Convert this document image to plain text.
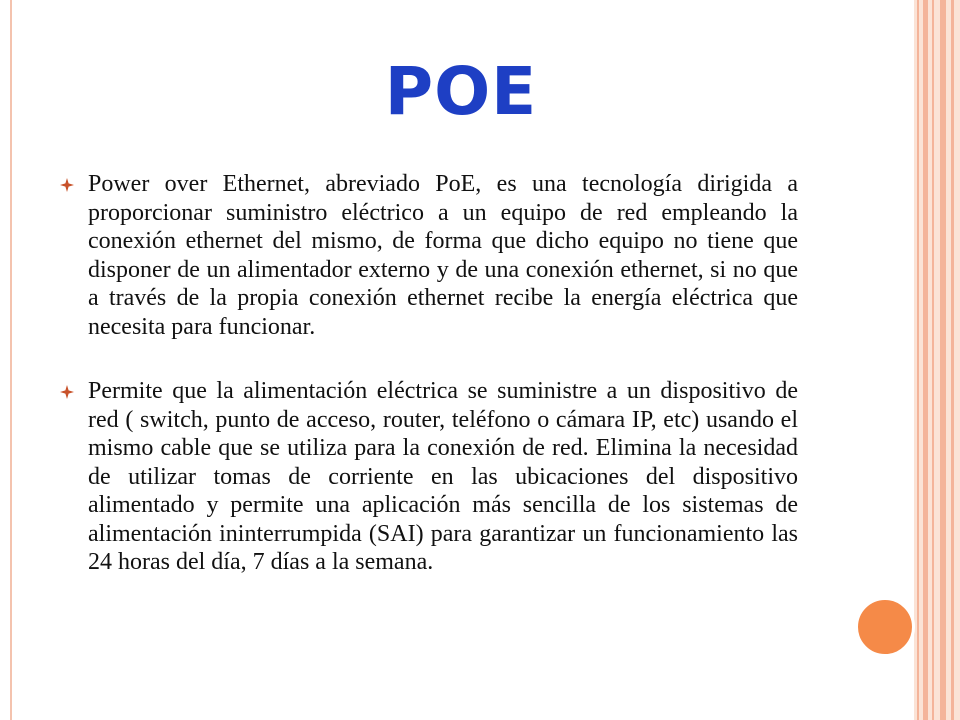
POE
Power over Ethernet, abreviado PoE, es una tecnología dirigida a proporcionar suministro eléctrico a un equipo de red empleando la conexión ethernet del mismo, de forma que dicho equipo no tiene que disponer de un alimentador externo y de una conexión ethernet, si no que a través de la propia conexión ethernet recibe la energía eléctrica que necesita para funcionar.
Permite que la alimentación eléctrica se suministre a un dispositivo de red ( switch, punto de acceso, router, teléfono o cámara IP, etc) usando el mismo cable que se utiliza para la conexión de red. Elimina la necesidad de utilizar tomas de corriente en las ubicaciones del dispositivo alimentado y permite una aplicación más sencilla de los sistemas de alimentación ininterrumpida (SAI) para garantizar un funcionamiento las 24 horas del día, 7 días a la semana.
